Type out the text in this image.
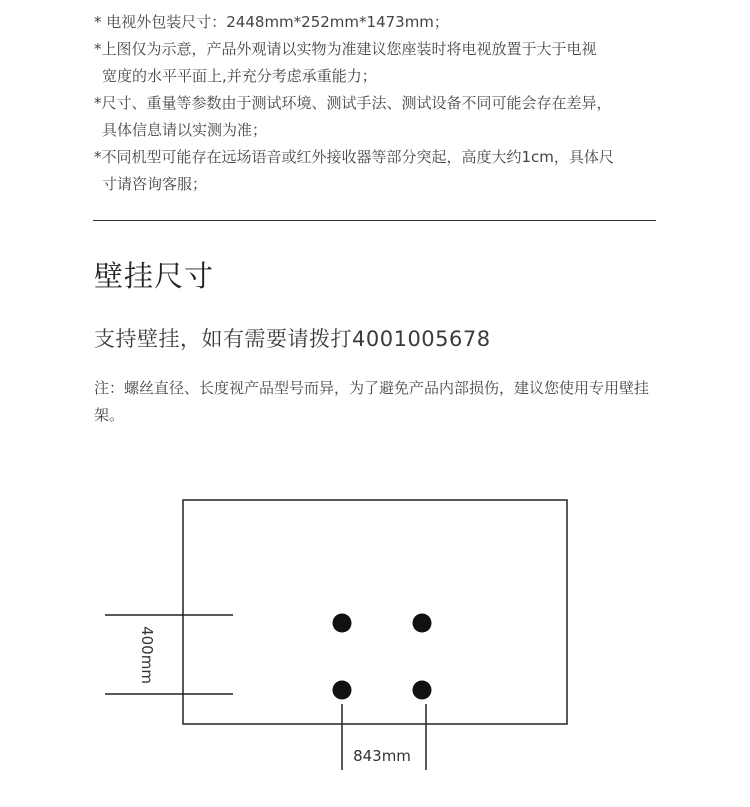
* 电视外包装尺寸：2448mm*252mm*1473mm；

*上图仅为示意，产品外观请以实物为准建议您座装时将电视放置于大于电视
宽度的水平平面上,并充分考虑承重能力；

*尺寸、重量等参数由于测试环境、测试手法、测试设备不同可能会存在差异，
具体信息请以实测为准；

*不同机型可能存在远场语音或红外接收器等部分突起，高度大约1cm，具体尺
寸请咨询客服；

壁挂尺寸

支持壁挂，如有需要请拨打4001005678

注：螺丝直径、长度视产品型号而异，为了避免产品内部损伤，建议您使用专用壁挂架。

400mm
843mm
